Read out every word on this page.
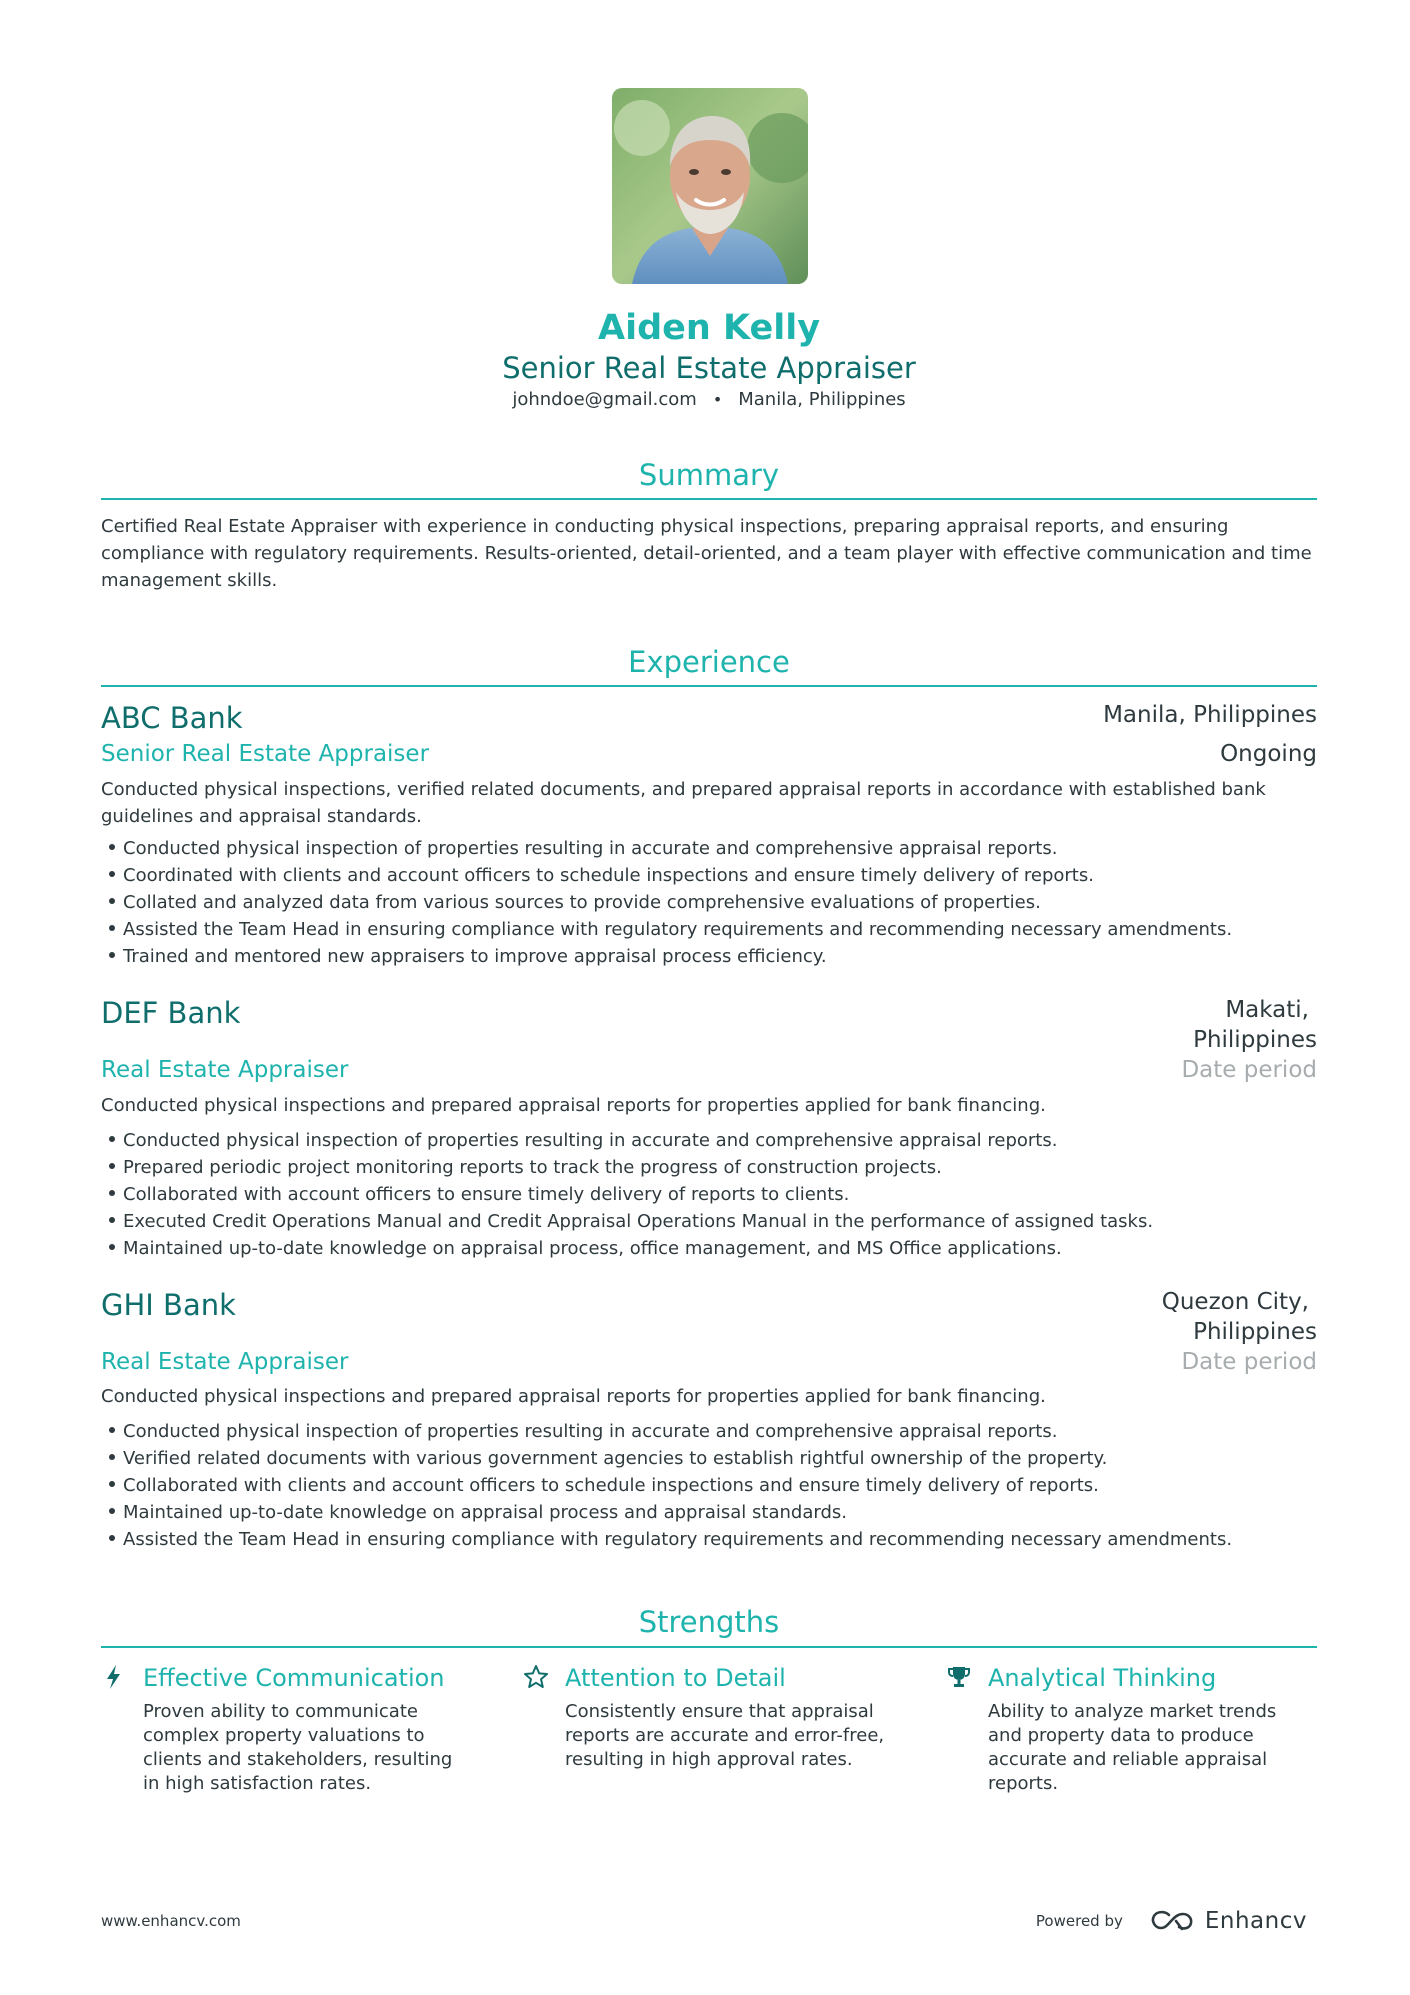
Aiden Kelly
Senior Real Estate Appraiser
johndoe@gmail.com • Manila, Philippines
Summary
Certified Real Estate Appraiser with experience in conducting physical inspections, preparing appraisal reports, and ensuring compliance with regulatory requirements. Results-oriented, detail-oriented, and a team player with effective communication and time management skills.
Experience
ABC Bank	Manila, Philippines
Senior Real Estate Appraiser	Ongoing
Conducted physical inspections, verified related documents, and prepared appraisal reports in accordance with established bank guidelines and appraisal standards.
Conducted physical inspection of properties resulting in accurate and comprehensive appraisal reports.
Coordinated with clients and account officers to schedule inspections and ensure timely delivery of reports.
Collated and analyzed data from various sources to provide comprehensive evaluations of properties.
Assisted the Team Head in ensuring compliance with regulatory requirements and recommending necessary amendments.
Trained and mentored new appraisers to improve appraisal process efficiency.
DEF Bank	Makati,
Philippines
Real Estate Appraiser	Date period
Conducted physical inspections and prepared appraisal reports for properties applied for bank financing.
Conducted physical inspection of properties resulting in accurate and comprehensive appraisal reports.
Prepared periodic project monitoring reports to track the progress of construction projects.
Collaborated with account officers to ensure timely delivery of reports to clients.
Executed Credit Operations Manual and Credit Appraisal Operations Manual in the performance of assigned tasks.
Maintained up-to-date knowledge on appraisal process, office management, and MS Office applications.
GHI Bank	Quezon City,
Philippines
Real Estate Appraiser	Date period
Conducted physical inspections and prepared appraisal reports for properties applied for bank financing.
Conducted physical inspection of properties resulting in accurate and comprehensive appraisal reports.
Verified related documents with various government agencies to establish rightful ownership of the property.
Collaborated with clients and account officers to schedule inspections and ensure timely delivery of reports.
Maintained up-to-date knowledge on appraisal process and appraisal standards.
Assisted the Team Head in ensuring compliance with regulatory requirements and recommending necessary amendments.
Strengths
Effective Communication
Proven ability to communicate complex property valuations to clients and stakeholders, resulting in high satisfaction rates.
Attention to Detail
Consistently ensure that appraisal reports are accurate and error-free, resulting in high approval rates.
Analytical Thinking
Ability to analyze market trends and property data to produce accurate and reliable appraisal reports.
www.enhancv.com	Powered by	Enhancv
